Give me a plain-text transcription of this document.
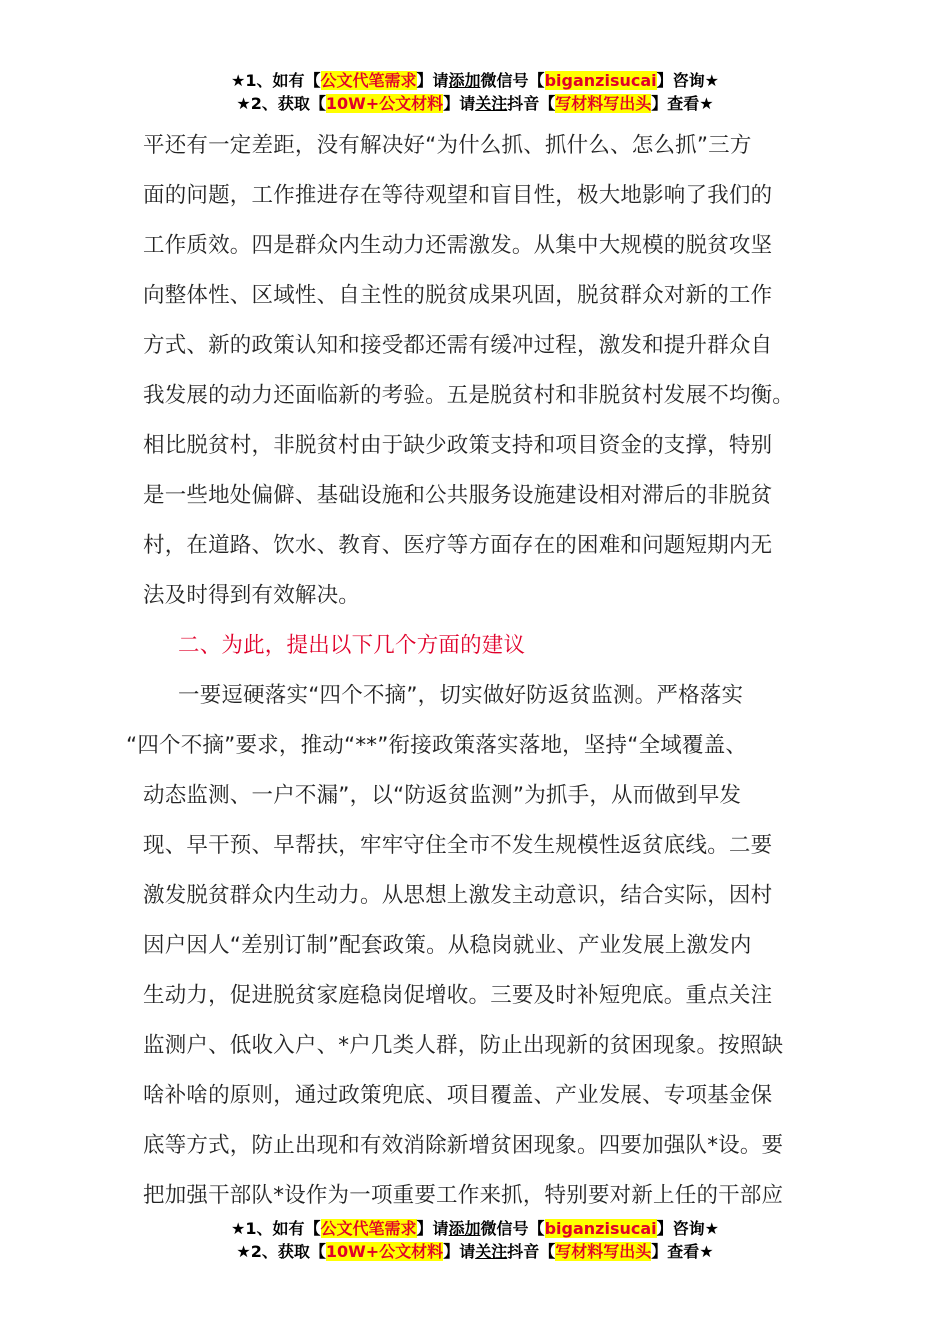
★1、如有【公文代笔需求】请添加微信号【biganzisucai】咨询★
★2、获取【10W+公文材料】请关注抖音【写材料写出头】查看★
平还有一定差距，没有解决好“为什么抓、抓什么、怎么抓”三方
面的问题，工作推进存在等待观望和盲目性，极大地影响了我们的
工作质效。四是群众内生动力还需激发。从集中大规模的脱贫攻坚
向整体性、区域性、自主性的脱贫成果巩固，脱贫群众对新的工作
方式、新的政策认知和接受都还需有缓冲过程，激发和提升群众自
我发展的动力还面临新的考验。五是脱贫村和非脱贫村发展不均衡。
相比脱贫村，非脱贫村由于缺少政策支持和项目资金的支撑，特别
是一些地处偏僻、基础设施和公共服务设施建设相对滞后的非脱贫
村，在道路、饮水、教育、医疗等方面存在的困难和问题短期内无
法及时得到有效解决。
二、为此，提出以下几个方面的建议
一要逗硬落实“四个不摘”，切实做好防返贫监测。严格落实
“四个不摘”要求，推动“**”衔接政策落实落地，坚持“全域覆盖、
动态监测、一户不漏”，以“防返贫监测”为抓手，从而做到早发
现、早干预、早帮扶，牢牢守住全市不发生规模性返贫底线。二要
激发脱贫群众内生动力。从思想上激发主动意识，结合实际，因村
因户因人“差别订制”配套政策。从稳岗就业、产业发展上激发内
生动力，促进脱贫家庭稳岗促增收。三要及时补短兜底。重点关注
监测户、低收入户、*户几类人群，防止出现新的贫困现象。按照缺
啥补啥的原则，通过政策兜底、项目覆盖、产业发展、专项基金保
底等方式，防止出现和有效消除新增贫困现象。四要加强队*设。要
把加强干部队*设作为一项重要工作来抓，特别要对新上任的干部应
★1、如有【公文代笔需求】请添加微信号【biganzisucai】咨询★
★2、获取【10W+公文材料】请关注抖音【写材料写出头】查看★
